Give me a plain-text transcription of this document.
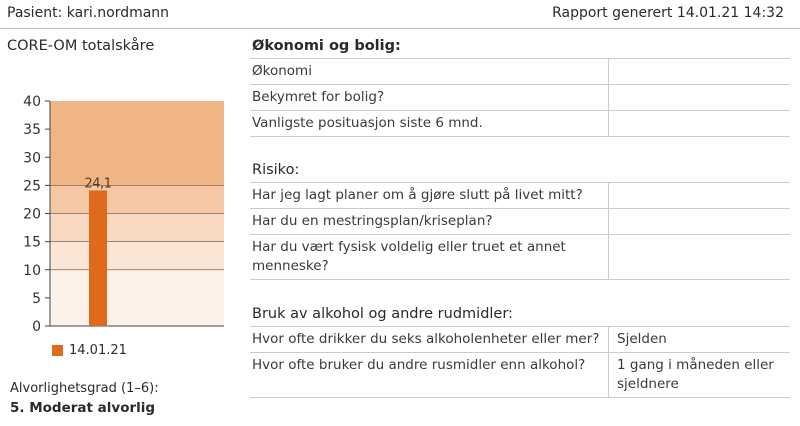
Pasient: kari.nordmann	Rapport generert 14.01.21 14:32
CORE-OM totalskåre
24,1
0
5
10
15
20
25
30
35
40
14.01.21
Alvorlighetsgrad (1–6):
5. Moderat alvorlig
Økonomi og bolig:
Økonomi	
Bekymret for bolig?	
Vanligste posituasjon siste 6 mnd.	
Risiko:
Har jeg lagt planer om å gjøre slutt på livet mitt?	
Har du en mestringsplan/kriseplan?	
Har du vært fysisk voldelig eller truet et annet menneske?	
Bruk av alkohol og andre rudmidler:
Hvor ofte drikker du seks alkoholenheter eller mer?	Sjelden
Hvor ofte bruker du andre rusmidler enn alkohol?	1 gang i måneden eller sjeldnere
